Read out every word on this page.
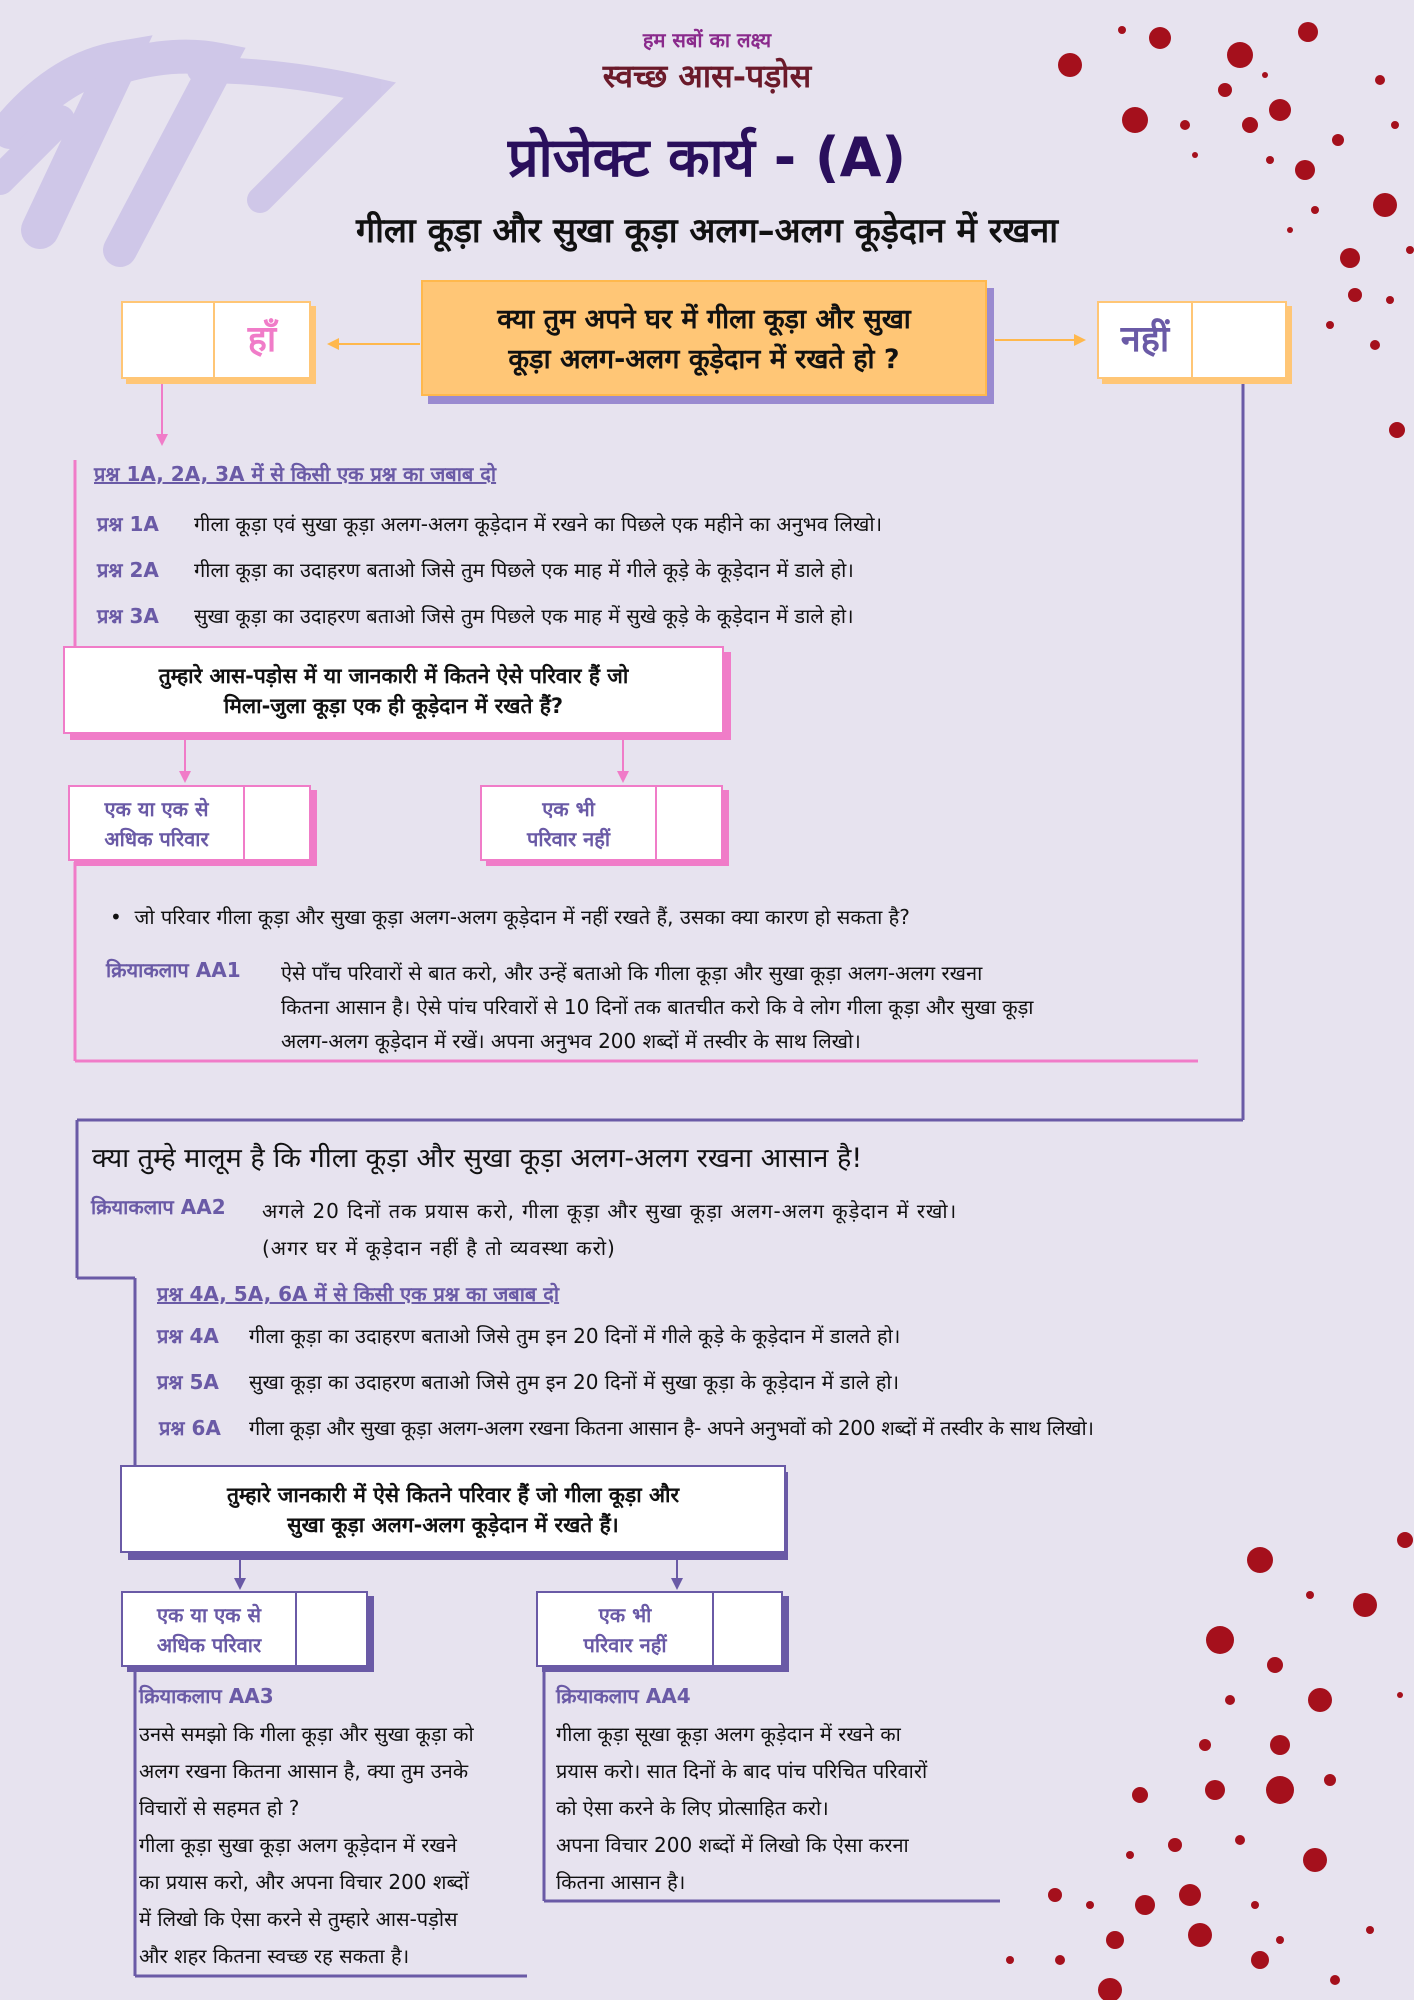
हम सबों का लक्ष्य
स्वच्छ आस-पड़ोस
प्रोजेक्ट कार्य - (A)
गीला कूड़ा और सुखा कूड़ा अलग–अलग कूड़ेदान में रखना
क्या तुम अपने घर में गीला कूड़ा और सुखा
कूड़ा अलग-अलग कूड़ेदान में रखते हो ?
हाँ	नहीं
प्रश्न 1A, 2A, 3A में से किसी एक प्रश्न का जबाब दो
प्रश्न 1A गीला कूड़ा एवं सुखा कूड़ा अलग-अलग कूड़ेदान में रखने का पिछले एक महीने का अनुभव लिखो।
प्रश्न 2A गीला कूड़ा का उदाहरण बताओ जिसे तुम पिछले एक माह में गीले कूड़े के कूड़ेदान में डाले हो।
प्रश्न 3A सुखा कूड़ा का उदाहरण बताओ जिसे तुम पिछले एक माह में सुखे कूड़े के कूड़ेदान में डाले हो।
तुम्हारे आस-पड़ोस में या जानकारी में कितने ऐसे परिवार हैं जो
मिला-जुला कूड़ा एक ही कूड़ेदान में रखते हैं?
एक या एक से
अधिक परिवार
एक भी
परिवार नहीं
•  जो परिवार गीला कूड़ा और सुखा कूड़ा अलग-अलग कूड़ेदान में नहीं रखते हैं, उसका क्या कारण हो सकता है?
क्रियाकलाप AA1 ऐसे पाँच परिवारों से बात करो, और उन्हें बताओ कि गीला कूड़ा और सुखा कूड़ा अलग-अलग रखना
कितना आसान है। ऐसे पांच परिवारों से 10 दिनों तक बातचीत करो कि वे लोग गीला कूड़ा और सुखा कूड़ा
अलग-अलग कूड़ेदान में रखें। अपना अनुभव 200 शब्दों में तस्वीर के साथ लिखो।
क्या तुम्हे मालूम है कि गीला कूड़ा और सुखा कूड़ा अलग-अलग रखना आसान है!
क्रियाकलाप AA2 अगले 20 दिनों तक प्रयास करो, गीला कूड़ा और सुखा कूड़ा अलग-अलग कूड़ेदान में रखो।
(अगर घर में कूड़ेदान नहीं है तो व्यवस्था करो)
प्रश्न 4A, 5A, 6A में से किसी एक प्रश्न का जबाब दो
प्रश्न 4A गीला कूड़ा का उदाहरण बताओ जिसे तुम इन 20 दिनों में गीले कूड़े के कूड़ेदान में डालते हो।
प्रश्न 5A सुखा कूड़ा का उदाहरण बताओ जिसे तुम इन 20 दिनों में सुखा कूड़ा के कूड़ेदान में डाले हो।
प्रश्न 6A गीला कूड़ा और सुखा कूड़ा अलग-अलग रखना कितना आसान है- अपने अनुभवों को 200 शब्दों में तस्वीर के साथ लिखो।
तुम्हारे जानकारी में ऐसे कितने परिवार हैं जो गीला कूड़ा और
सुखा कूड़ा अलग-अलग कूड़ेदान में रखते हैं।
एक या एक से
अधिक परिवार
एक भी
परिवार नहीं
क्रियाकलाप AA3
उनसे समझो कि गीला कूड़ा और सुखा कूड़ा को
अलग रखना कितना आसान है, क्या तुम उनके
विचारों से सहमत हो ?
गीला कूड़ा सुखा कूड़ा अलग कूड़ेदान में रखने
का प्रयास करो, और अपना विचार 200 शब्दों
में लिखो कि ऐसा करने से तुम्हारे आस-पड़ोस
और शहर कितना स्वच्छ रह सकता है।
क्रियाकलाप AA4
गीला कूड़ा सूखा कूड़ा अलग कूड़ेदान में रखने का
प्रयास करो। सात दिनों के बाद पांच परिचित परिवारों
को ऐसा करने के लिए प्रोत्साहित करो।
अपना विचार 200 शब्दों में लिखो कि ऐसा करना
कितना आसान है।
